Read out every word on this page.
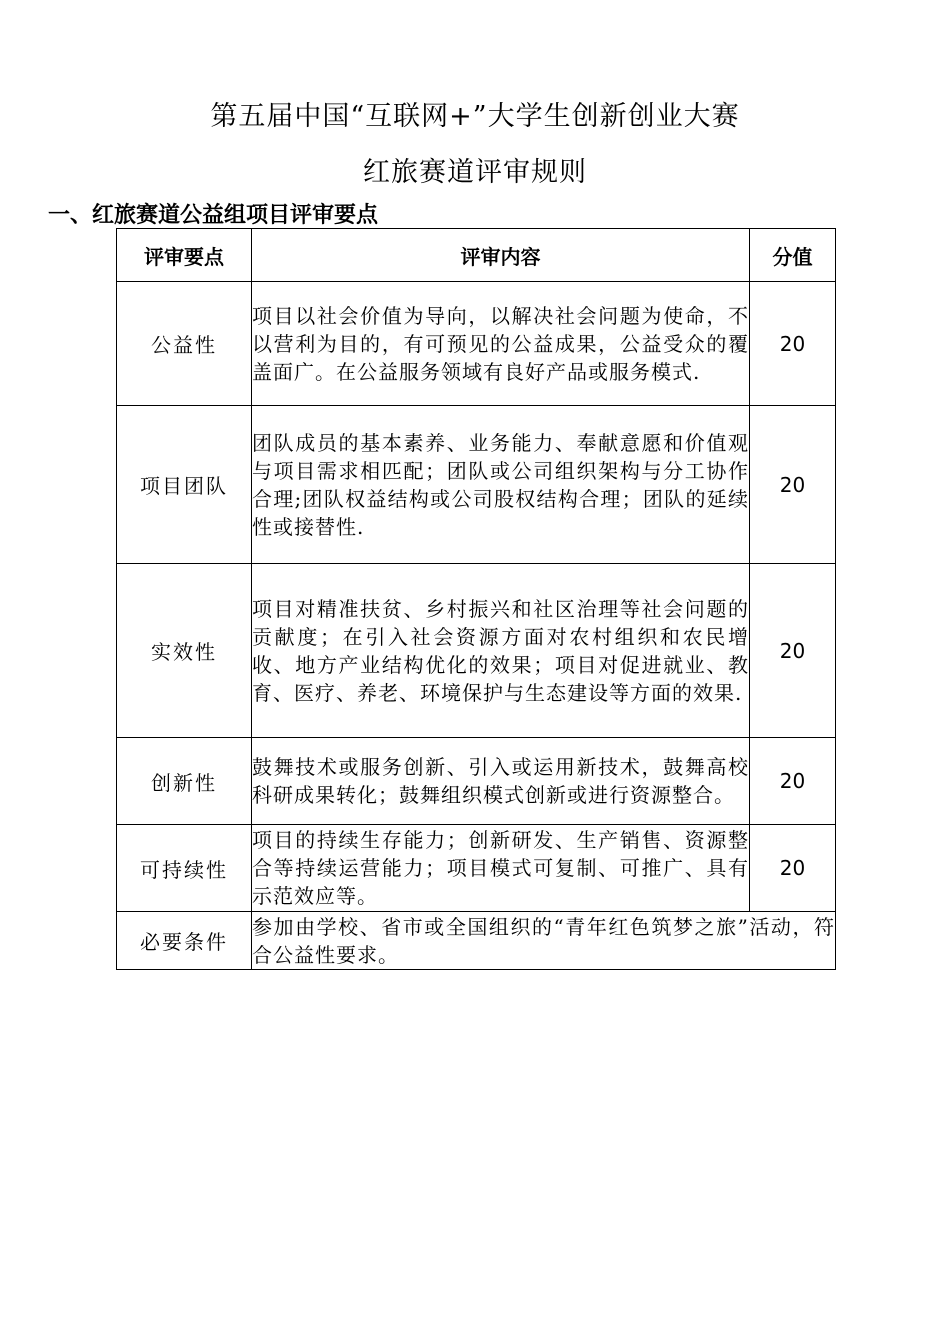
第五届中国“互联网+”大学生创新创业大赛
红旅赛道评审规则
一、红旅赛道公益组项目评审要点
评审要点	评审内容	分值
公益性	项目以社会价值为导向，以解决社会问题为使命，不以营利为目的，有可预见的公益成果，公益受众的覆盖面广。在公益服务领域有良好产品或服务模式.	20
项目团队	团队成员的基本素养、业务能力、奉献意愿和价值观与项目需求相匹配；团队或公司组织架构与分工协作合理;团队权益结构或公司股权结构合理；团队的延续性或接替性.	20
实效性	项目对精准扶贫、乡村振兴和社区治理等社会问题的贡献度；在引入社会资源方面对农村组织和农民增收、地方产业结构优化的效果；项目对促进就业、教育、医疗、养老、环境保护与生态建设等方面的效果.	20
创新性	鼓舞技术或服务创新、引入或运用新技术，鼓舞高校科研成果转化；鼓舞组织模式创新或进行资源整合。	20
可持续性	项目的持续生存能力；创新研发、生产销售、资源整合等持续运营能力；项目模式可复制、可推广、具有示范效应等。	20
必要条件	参加由学校、省市或全国组织的“青年红色筑梦之旅”活动，符合公益性要求。	
